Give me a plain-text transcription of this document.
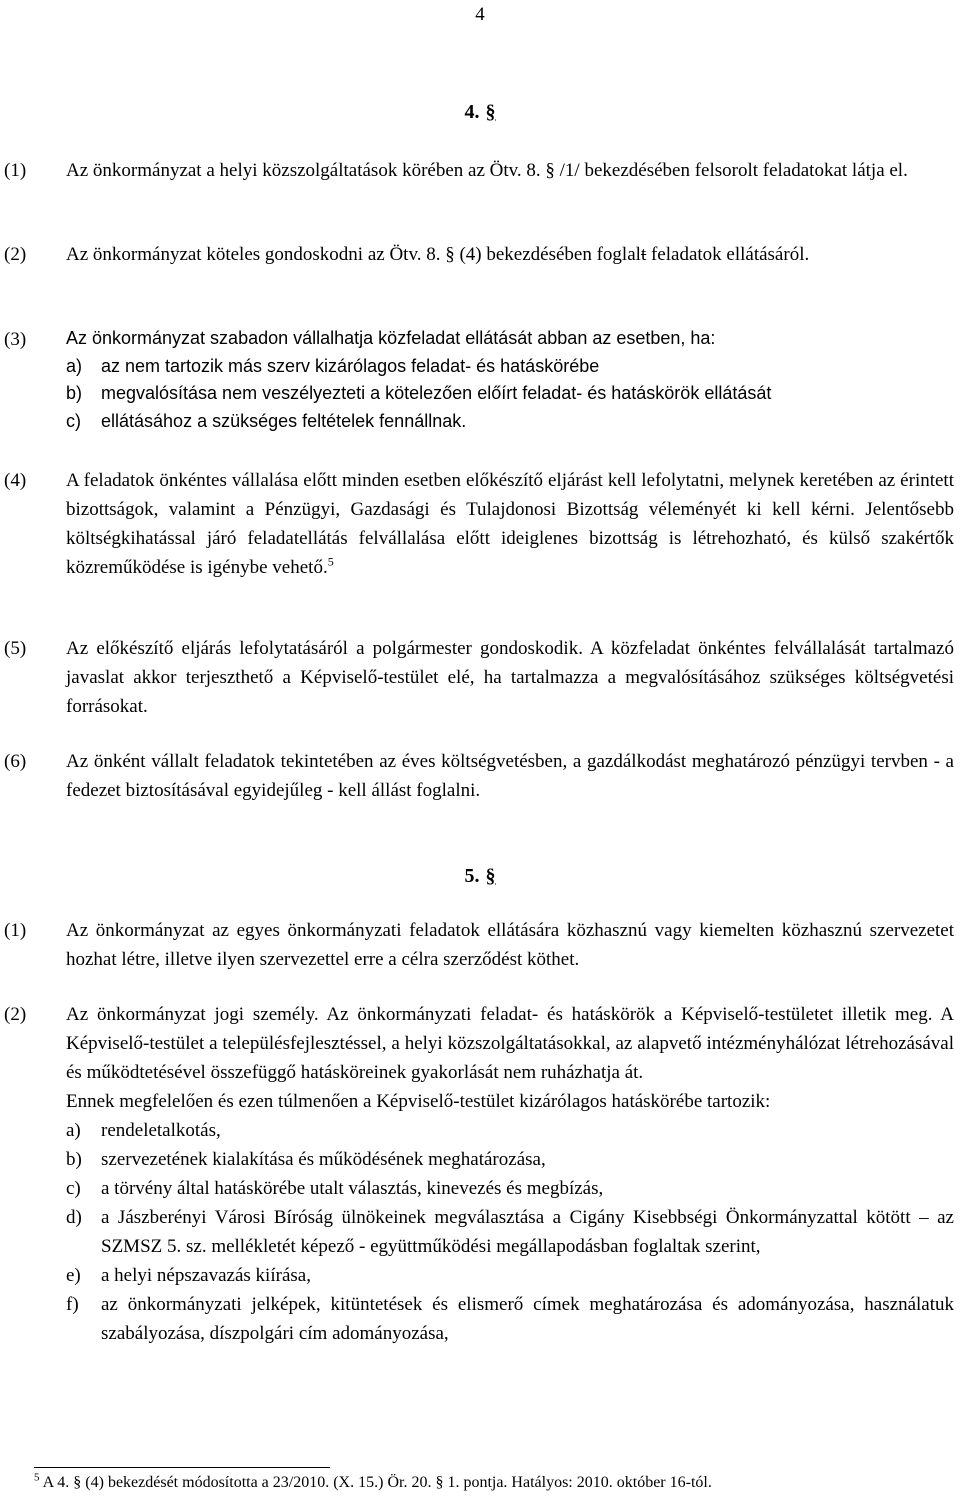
4
4. §
(1)	Az önkormányzat a helyi közszolgáltatások körében az Ötv. 8. § /1/ bekezdésében felsorolt feladatokat látja el.

(2)	Az önkormányzat köteles gondoskodni az Ötv. 8. § (4) bekezdésében foglalt feladatok ellátásáról.

(3)	Az önkormányzat szabadon vállalhatja közfeladat ellátását abban az esetben, ha:

a)	az nem tartozik más szerv kizárólagos feladat- és hatáskörébe
b)	megvalósítása nem veszélyezteti a kötelezően előírt feladat- és hatáskörök ellátását
c)	ellátásához a szükséges feltételek fennállnak.
(4)	A feladatok önkéntes vállalása előtt minden esetben előkészítő eljárást kell lefolytatni, melynek keretében az érintett bizottságok, valamint a Pénzügyi, Gazdasági és Tulajdonosi Bizottság véleményét ki kell kérni. Jelentősebb költségkihatással járó feladatellátás felvállalása előtt ideiglenes bizottság is létrehozható, és külső szakértők közreműködése is igénybe vehető.$^5$

(5)	Az előkészítő eljárás lefolytatásáról a polgármester gondoskodik. A közfeladat önkéntes felvállalását tartalmazó javaslat akkor terjeszthető a Képviselő-testület elé, ha tartalmazza a megvalósításához szükséges költségvetési forrásokat.

(6)	Az önként vállalt feladatok tekintetében az éves költségvetésben, a gazdálkodást meghatározó pénzügyi tervben - a fedezet biztosításával egyidejűleg - kell állást foglalni.

5. §
(1)	Az önkormányzat az egyes önkormányzati feladatok ellátására közhasznú vagy kiemelten közhasznú szervezetet hozhat létre, illetve ilyen szervezettel erre a célra szerződést köthet.

(2)	Az önkormányzat jogi személy. Az önkormányzati feladat- és hatáskörök a Képviselő-testületet illetik meg. A Képviselő-testület a településfejlesztéssel, a helyi közszolgáltatásokkal, az alapvető intézményhálózat létrehozásával és működtetésével összefüggő hatásköreinek gyakorlását nem ruházhatja át.

Ennek megfelelően és ezen túlmenően a Képviselő-testület kizárólagos hatáskörébe tartozik:

a)	rendeletalkotás,
b)	szervezetének kialakítása és működésének meghatározása,
c)	a törvény által hatáskörébe utalt választás, kinevezés és megbízás,
d)	a Jászberényi Városi Bíróság ülnökeinek megválasztása a Cigány Kisebbségi Önkormányzattal kötött – az SZMSZ 5. sz. mellékletét képező - együttműködési megállapodásban foglaltak szerint,
e)	a helyi népszavazás kiírása,
f)	az önkormányzati jelképek, kitüntetések és elismerő címek meghatározása és adományozása, használatuk szabályozása, díszpolgári cím adományozása,
$^5$ A 4. § (4) bekezdését módosította a 23/2010. (X. 15.) Ör. 20. § 1. pontja. Hatályos: 2010. október 16-tól.
